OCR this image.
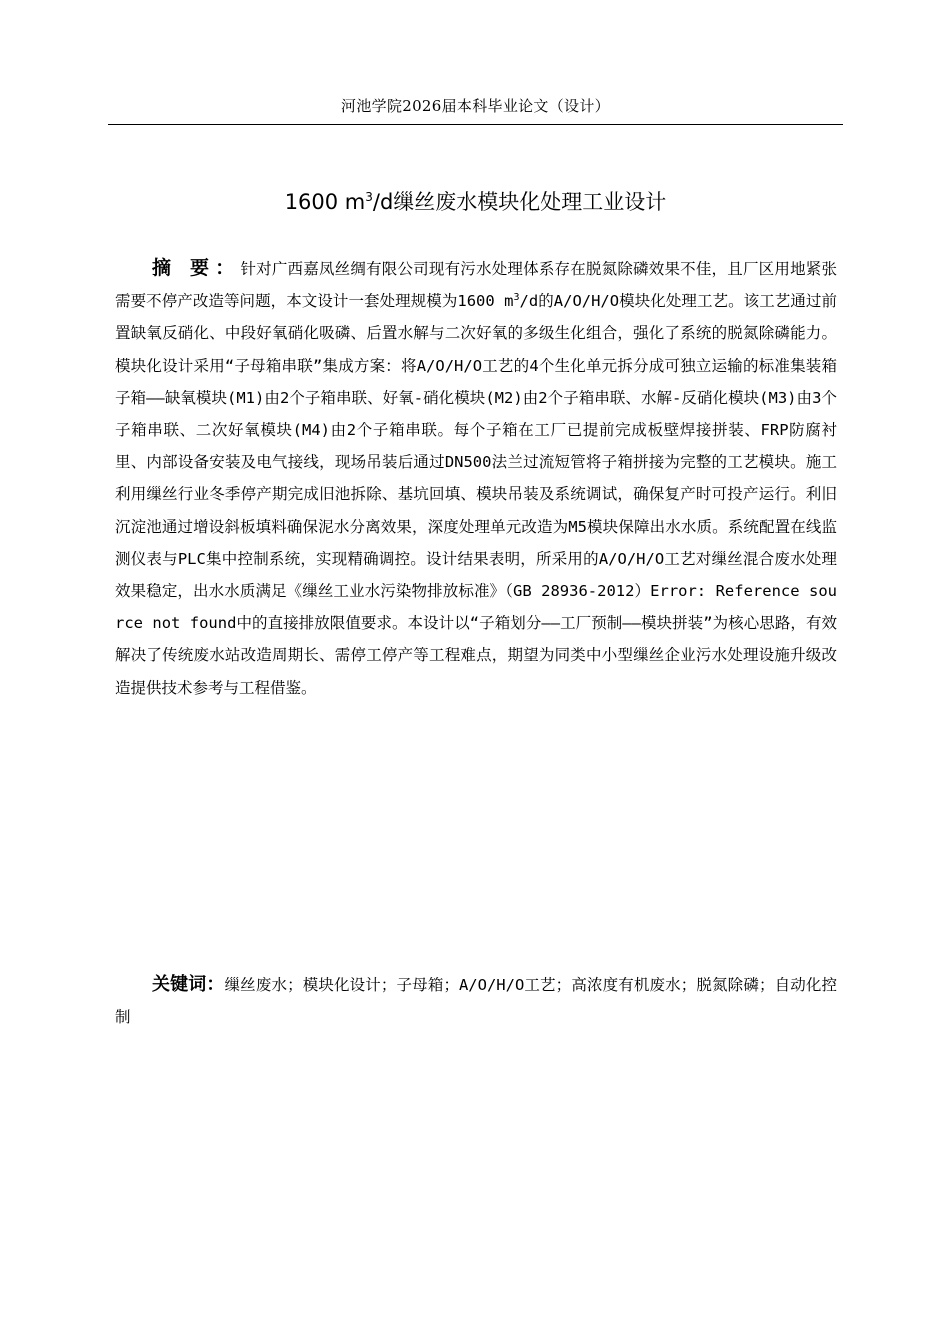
河池学院2026届本科毕业论文（设计）
1600 $m^3/d$缫丝废水模块化处理工业设计

摘 要：针对广西嘉凤丝绸有限公司现有污水处理体系存在脱氮除磷效果不佳，且厂区用地紧张需要不停产改造等问题，本文设计一套处理规模为1600 $m^3/d$的A/O/H/O模块化处理工艺。该工艺通过前置缺氧反硝化、中段好氧硝化吸磷、后置水解与二次好氧的多级生化组合，强化了系统的脱氮除磷能力。模块化设计采用“子母箱串联”集成方案：将A/O/H/O工艺的4个生化单元拆分成可独立运输的标准集装箱子箱——缺氧模块(M1)由2个子箱串联、好氧-硝化模块(M2)由2个子箱串联、水解-反硝化模块(M3)由3个子箱串联、二次好氧模块(M4)由2个子箱串联。每个子箱在工厂已提前完成板壁焊接拼装、FRP防腐衬里、内部设备安装及电气接线，现场吊装后通过DN500法兰过流短管将子箱拼接为完整的工艺模块。施工利用缫丝行业冬季停产期完成旧池拆除、基坑回填、模块吊装及系统调试，确保复产时可投产运行。利旧沉淀池通过增设斜板填料确保泥水分离效果，深度处理单元改造为M5模块保障出水水质。系统配置在线监测仪表与PLC集中控制系统，实现精确调控。设计结果表明，所采用的A/O/H/O工艺对缫丝混合废水处理效果稳定，出水水质满足《缫丝工业水污染物排放标准》（GB 28936-2012）Error: Reference source not found中的直接排放限值要求。本设计以“子箱划分——工厂预制——模块拼装”为核心思路，有效解决了传统废水站改造周期长、需停工停产等工程难点，期望为同类中小型缫丝企业污水处理设施升级改造提供技术参考与工程借鉴。

关键词：缫丝废水；模块化设计；子母箱；A/O/H/O工艺；高浓度有机废水；脱氮除磷；自动化控制
